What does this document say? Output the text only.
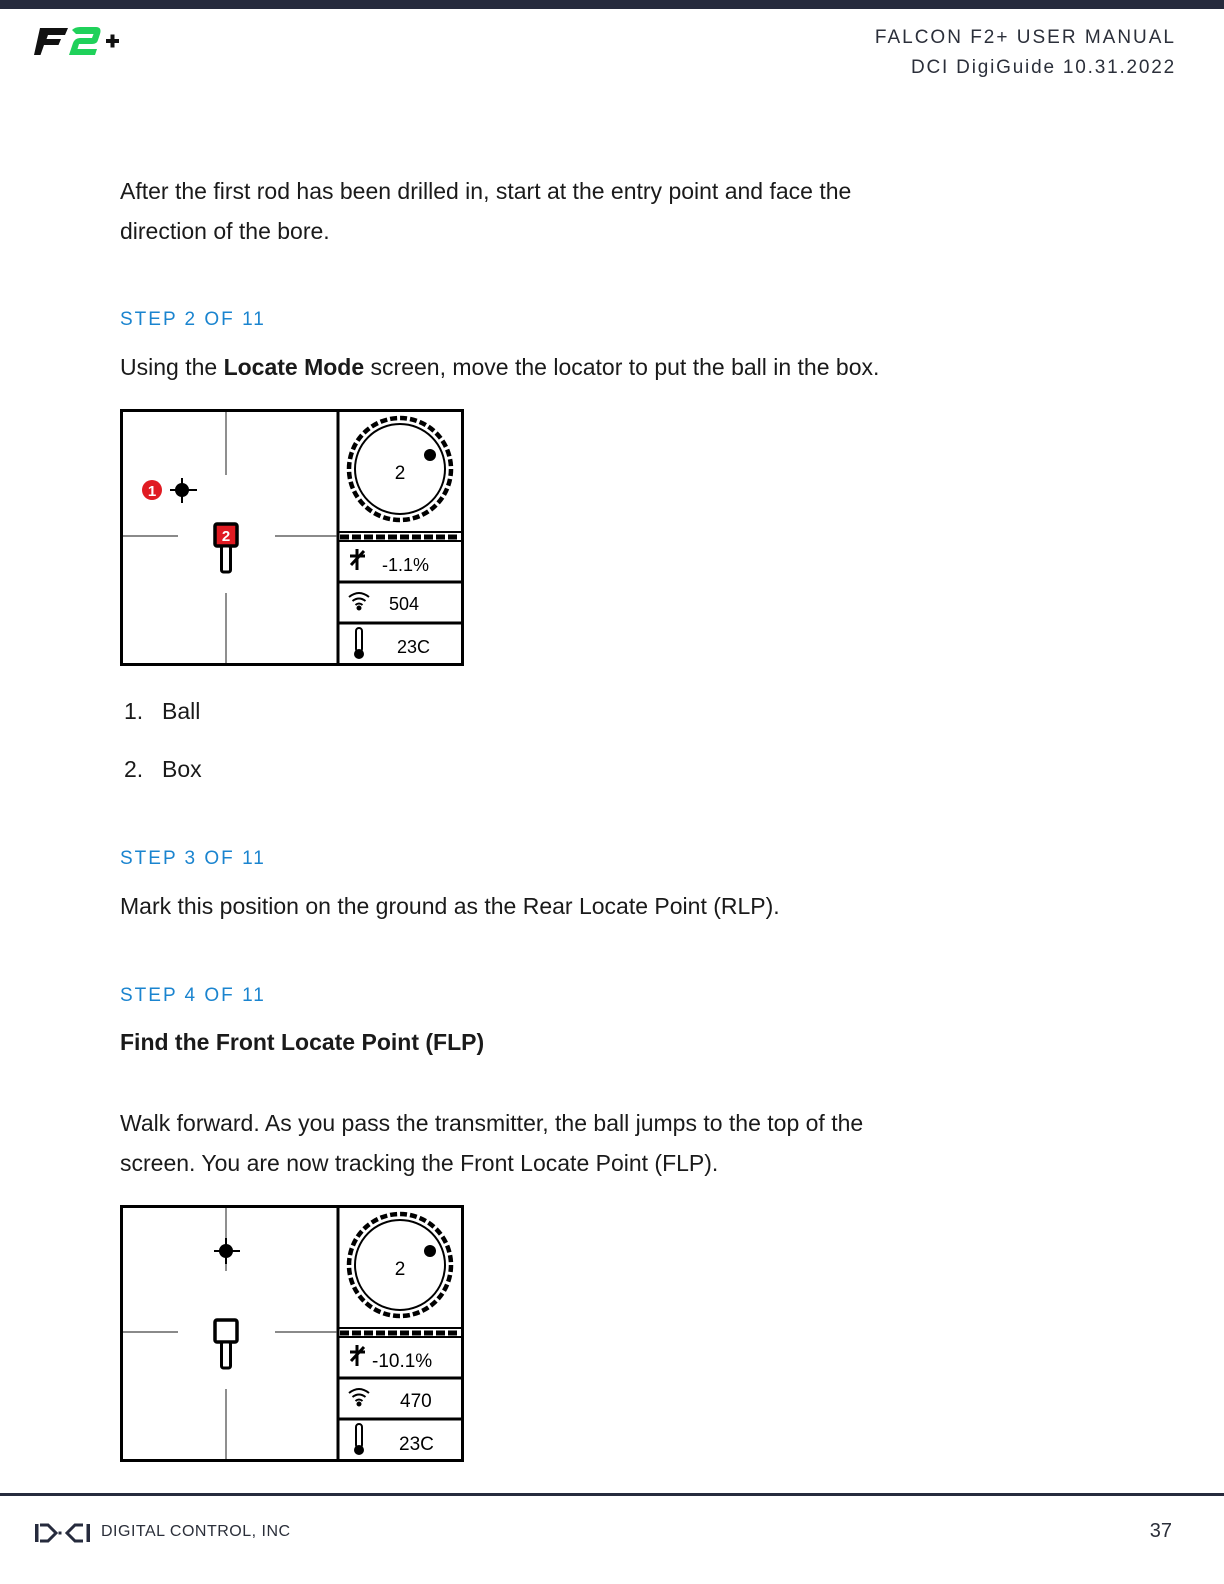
FALCON F2+ USER MANUAL
DCI DigiGuide 10.31.2022

After the first rod has been drilled in, start at the entry point and face the direction of the bore.

STEP 2 OF 11

Using the Locate Mode screen, move the locator to put the ball in the box.

1
2
2
-1.1%
504
23C
1. Ball
2. Box

STEP 3 OF 11

Mark this position on the ground as the Rear Locate Point (RLP).

STEP 4 OF 11

Find the Front Locate Point (FLP)

Walk forward. As you pass the transmitter, the ball jumps to the top of the screen. You are now tracking the Front Locate Point (FLP).

2
-10.1%
470
23C
DIGITAL CONTROL, INC	37
